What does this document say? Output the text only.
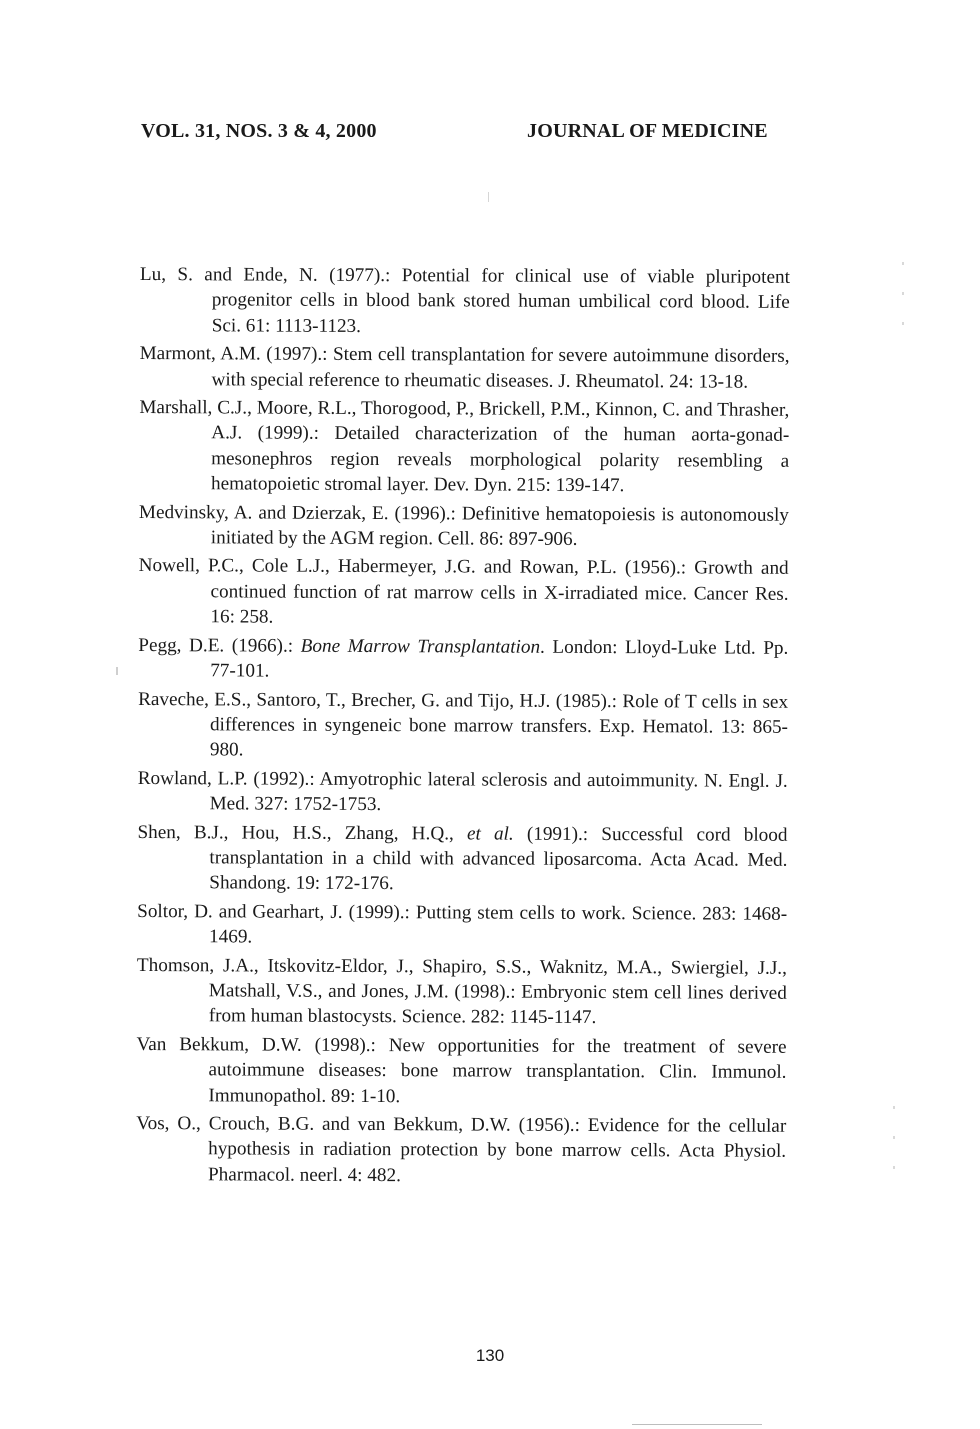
VOL. 31, NOS. 3 & 4, 2000	JOURNAL OF MEDICINE

Lu, S. and Ende, N. (1977).: Potential for clinical use of viable pluripotent progenitor cells in blood bank stored human umbilical cord blood. Life Sci. 61: 1113-1123.

Marmont, A.M. (1997).: Stem cell transplantation for severe autoimmune disorders, with special reference to rheumatic diseases. J. Rheumatol. 24: 13-18.

Marshall, C.J., Moore, R.L., Thorogood, P., Brickell, P.M., Kinnon, C. and Thrasher, A.J. (1999).: Detailed characterization of the human aorta-gonad-mesonephros region reveals morphological polarity resembling a hematopoietic stromal layer. Dev. Dyn. 215: 139-147.

Medvinsky, A. and Dzierzak, E. (1996).: Definitive hematopoiesis is autonomously initiated by the AGM region. Cell. 86: 897-906.

Nowell, P.C., Cole L.J., Habermeyer, J.G. and Rowan, P.L. (1956).: Growth and continued function of rat marrow cells in X-irradiated mice. Cancer Res. 16: 258.

Pegg, D.E. (1966).: Bone Marrow Transplantation. London: Lloyd-Luke Ltd. Pp. 77-101.

Raveche, E.S., Santoro, T., Brecher, G. and Tijo, H.J. (1985).: Role of T cells in sex differences in syngeneic bone marrow transfers. Exp. Hematol. 13: 865-980.

Rowland, L.P. (1992).: Amyotrophic lateral sclerosis and autoimmunity. N. Engl. J. Med. 327: 1752-1753.

Shen, B.J., Hou, H.S., Zhang, H.Q., et al. (1991).: Successful cord blood transplantation in a child with advanced liposarcoma. Acta Acad. Med. Shandong. 19: 172-176.

Soltor, D. and Gearhart, J. (1999).: Putting stem cells to work. Science. 283: 1468-1469.

Thomson, J.A., Itskovitz-Eldor, J., Shapiro, S.S., Waknitz, M.A., Swiergiel, J.J., Matshall, V.S., and Jones, J.M. (1998).: Embryonic stem cell lines derived from human blastocysts. Science. 282: 1145-1147.

Van Bekkum, D.W. (1998).: New opportunities for the treatment of severe autoimmune diseases: bone marrow transplantation. Clin. Immunol. Immunopathol. 89: 1-10.

Vos, O., Crouch, B.G. and van Bekkum, D.W. (1956).: Evidence for the cellular hypothesis in radiation protection by bone marrow cells. Acta Physiol. Pharmacol. neerl. 4: 482.

130
